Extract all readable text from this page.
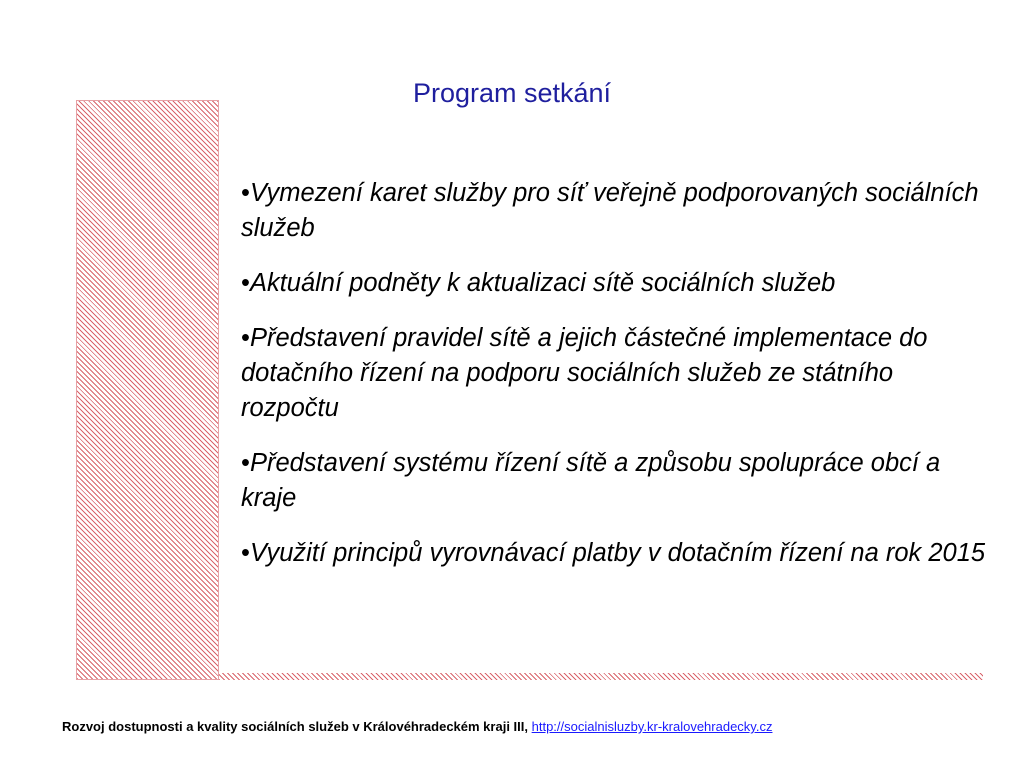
Program setkání
•Vymezení karet služby pro síť veřejně podporovaných sociálních služeb
•Aktuální podněty k aktualizaci sítě sociálních služeb
•Představení pravidel sítě a jejich částečné implementace do dotačního řízení na podporu sociálních služeb ze státního rozpočtu
•Představení systému řízení sítě a způsobu spolupráce obcí a kraje
•Využití principů vyrovnávací platby v dotačním řízení na rok 2015
Rozvoj dostupnosti a kvality sociálních služeb v Královéhradeckém kraji III, http://socialnisluzby.kr-kralovehradecky.cz
